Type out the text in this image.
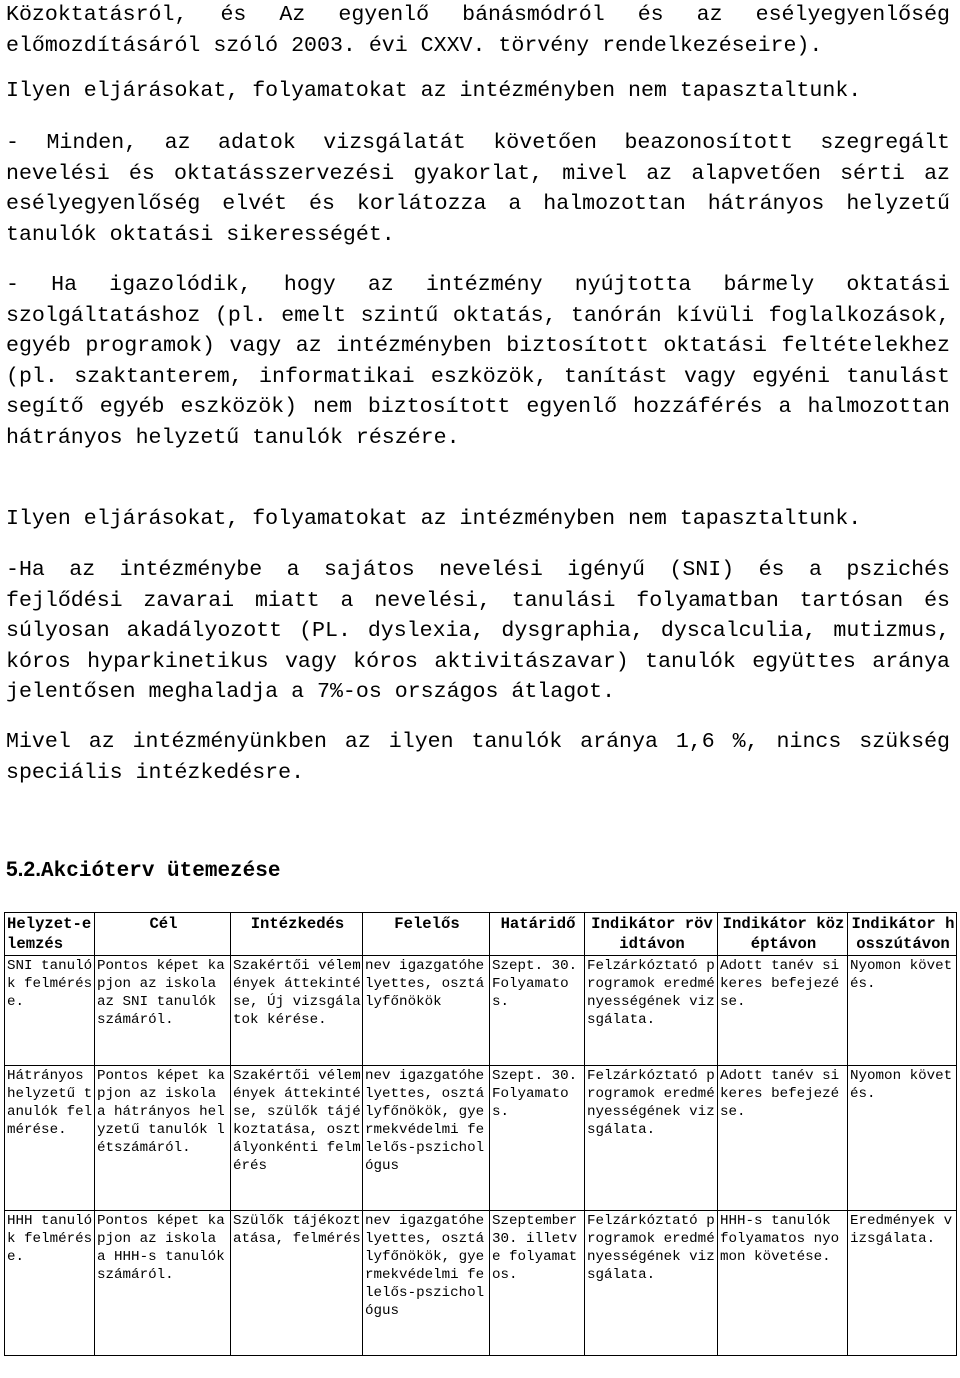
Közoktatásról, és Az egyenlő bánásmódról és az esélyegyenlőség előmozdításáról szóló 2003. évi CXXV. törvény rendelkezéseire).

Ilyen eljárásokat, folyamatokat az intézményben nem tapasztaltunk.

- Minden, az adatok vizsgálatát követően beazonosított szegregált nevelési és oktatásszervezési gyakorlat, mivel az alapvetően sérti az esélyegyenlőség elvét és korlátozza a halmozottan hátrányos helyzetű tanulók oktatási sikerességét.

- Ha igazolódik, hogy az intézmény nyújtotta bármely oktatási szolgáltatáshoz (pl. emelt szintű oktatás, tanórán kívüli foglalkozások, egyéb programok) vagy az intézményben biztosított oktatási feltételekhez (pl. szaktanterem, informatikai eszközök, tanítást vagy egyéni tanulást segítő egyéb eszközök) nem biztosított egyenlő hozzáférés a halmozottan hátrányos helyzetű tanulók részére.

Ilyen eljárásokat, folyamatokat az intézményben nem tapasztaltunk.

-Ha az intézménybe a sajátos nevelési igényű (SNI) és a pszichés fejlődési zavarai miatt a nevelési, tanulási folyamatban tartósan és súlyosan akadályozott (PL. dyslexia, dysgraphia, dyscalculia, mutizmus, kóros hyparkinetikus vagy kóros aktivitászavar) tanulók együttes aránya jelentősen meghaladja a 7%-os országos átlagot.

Mivel az intézményünkben az ilyen tanulók aránya 1,6 %, nincs szükség speciális intézkedésre.

5.2.Akcióterv ütemezése
Helyzet-elemzés	Cél	Intézkedés	Felelős	Határidő	Indikátor rövidtávon	Indikátor középtávon	Indikátor hosszútávon
SNI tanulók felmérése.	Pontos képet kapjon az iskola az SNI tanulók számáról.	Szakértői vélemények áttekintése, Új vizsgálatok kérése.	nev igazgatóhelyettes, osztályfőnökök	Szept. 30. Folyamatos.	Felzárkóztató programok eredményességének vizsgálata.	Adott tanév sikeres befejezése.	Nyomon követés.
Hátrányos helyzetű tanulók felmérése.	Pontos képet kapjon az iskola a hátrányos helyzetű tanulók létszámáról.	Szakértői vélemények áttekintése, szülők tájékoztatása, osztályonkénti felmérés	nev igazgatóhelyettes, osztályfőnökök, gyermekvédelmi felelős-pszichológus	Szept. 30. Folyamatos.	Felzárkóztató programok eredményességének vizsgálata.	Adott tanév sikeres befejezése.	Nyomon követés.
HHH tanulók felmérése.	Pontos képet kapjon az iskola a HHH-s tanulók számáról.	Szülők tájékoztatása, felmérés	nev igazgatóhelyettes, osztályfőnökök, gyermekvédelmi felelős-pszichológus	Szeptember 30. illetve folyamatos.	Felzárkóztató programok eredményességének vizsgálata.	HHH-s tanulók folyamatos nyomon követése.	Eredmények vizsgálata.
